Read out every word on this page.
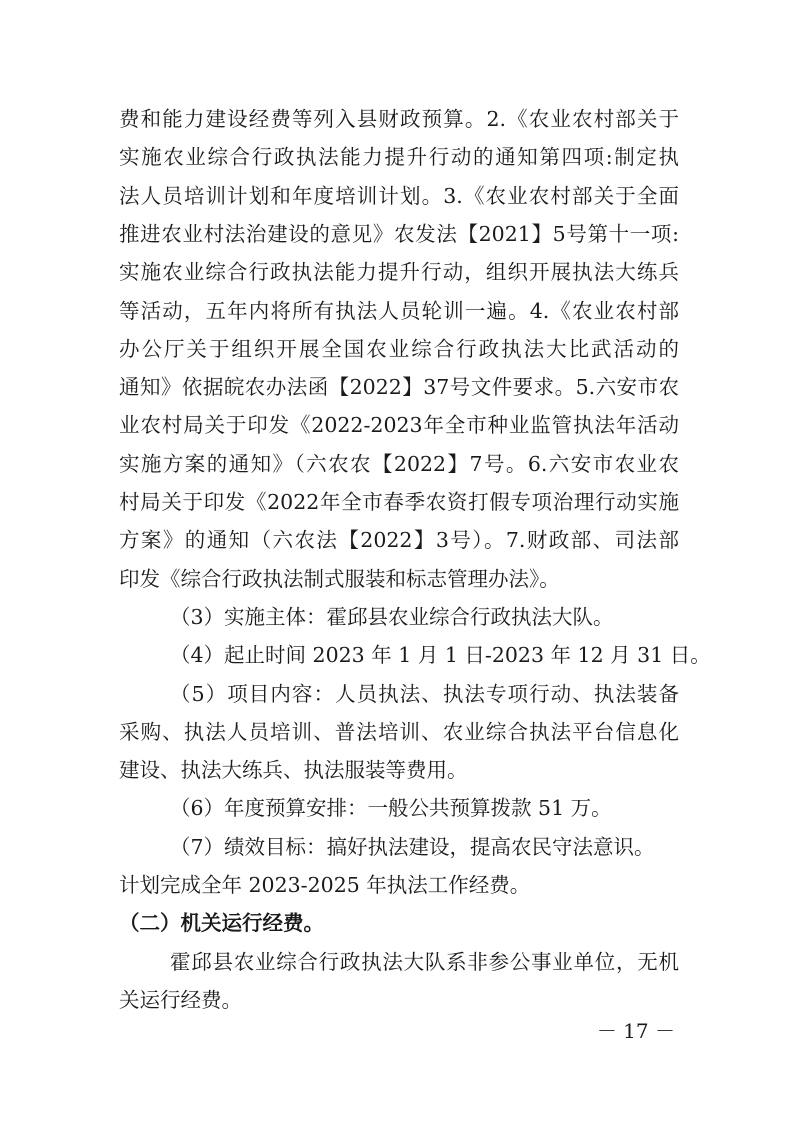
费和能力建设经费等列入县财政预算。2.《农业农村部关于
实施农业综合行政执法能力提升行动的通知第四项:制定执
法人员培训计划和年度培训计划。3.《农业农村部关于全面
推进农业村法治建设的意见》农发法【2021】5号第十一项:
实施农业综合行政执法能力提升行动，组织开展执法大练兵
等活动，五年内将所有执法人员轮训一遍。4.《农业农村部
办公厅关于组织开展全国农业综合行政执法大比武活动的
通知》依据皖农办法函【2022】37号文件要求。5.六安市农
业农村局关于印发《2022-2023年全市种业监管执法年活动
实施方案的通知》（六农农【2022】7号。6.六安市农业农
村局关于印发《2022年全市春季农资打假专项治理行动实施
方案》的通知（六农法【2022】3号）。7.财政部、司法部
印发《综合行政执法制式服装和标志管理办法》。
（3）实施主体：霍邱县农业综合行政执法大队。
（4）起止时间 2023 年 1 月 1 日-2023 年 12 月 31 日。
（5）项目内容：人员执法、执法专项行动、执法装备
采购、执法人员培训、普法培训、农业综合执法平台信息化
建设、执法大练兵、执法服装等费用。
（6）年度预算安排：一般公共预算拨款 51 万。
（7）绩效目标：搞好执法建设，提高农民守法意识。
计划完成全年 2023-2025 年执法工作经费。
（二）机关运行经费。
霍邱县农业综合行政执法大队系非参公事业单位，无机
关运行经费。
－ 17 －
